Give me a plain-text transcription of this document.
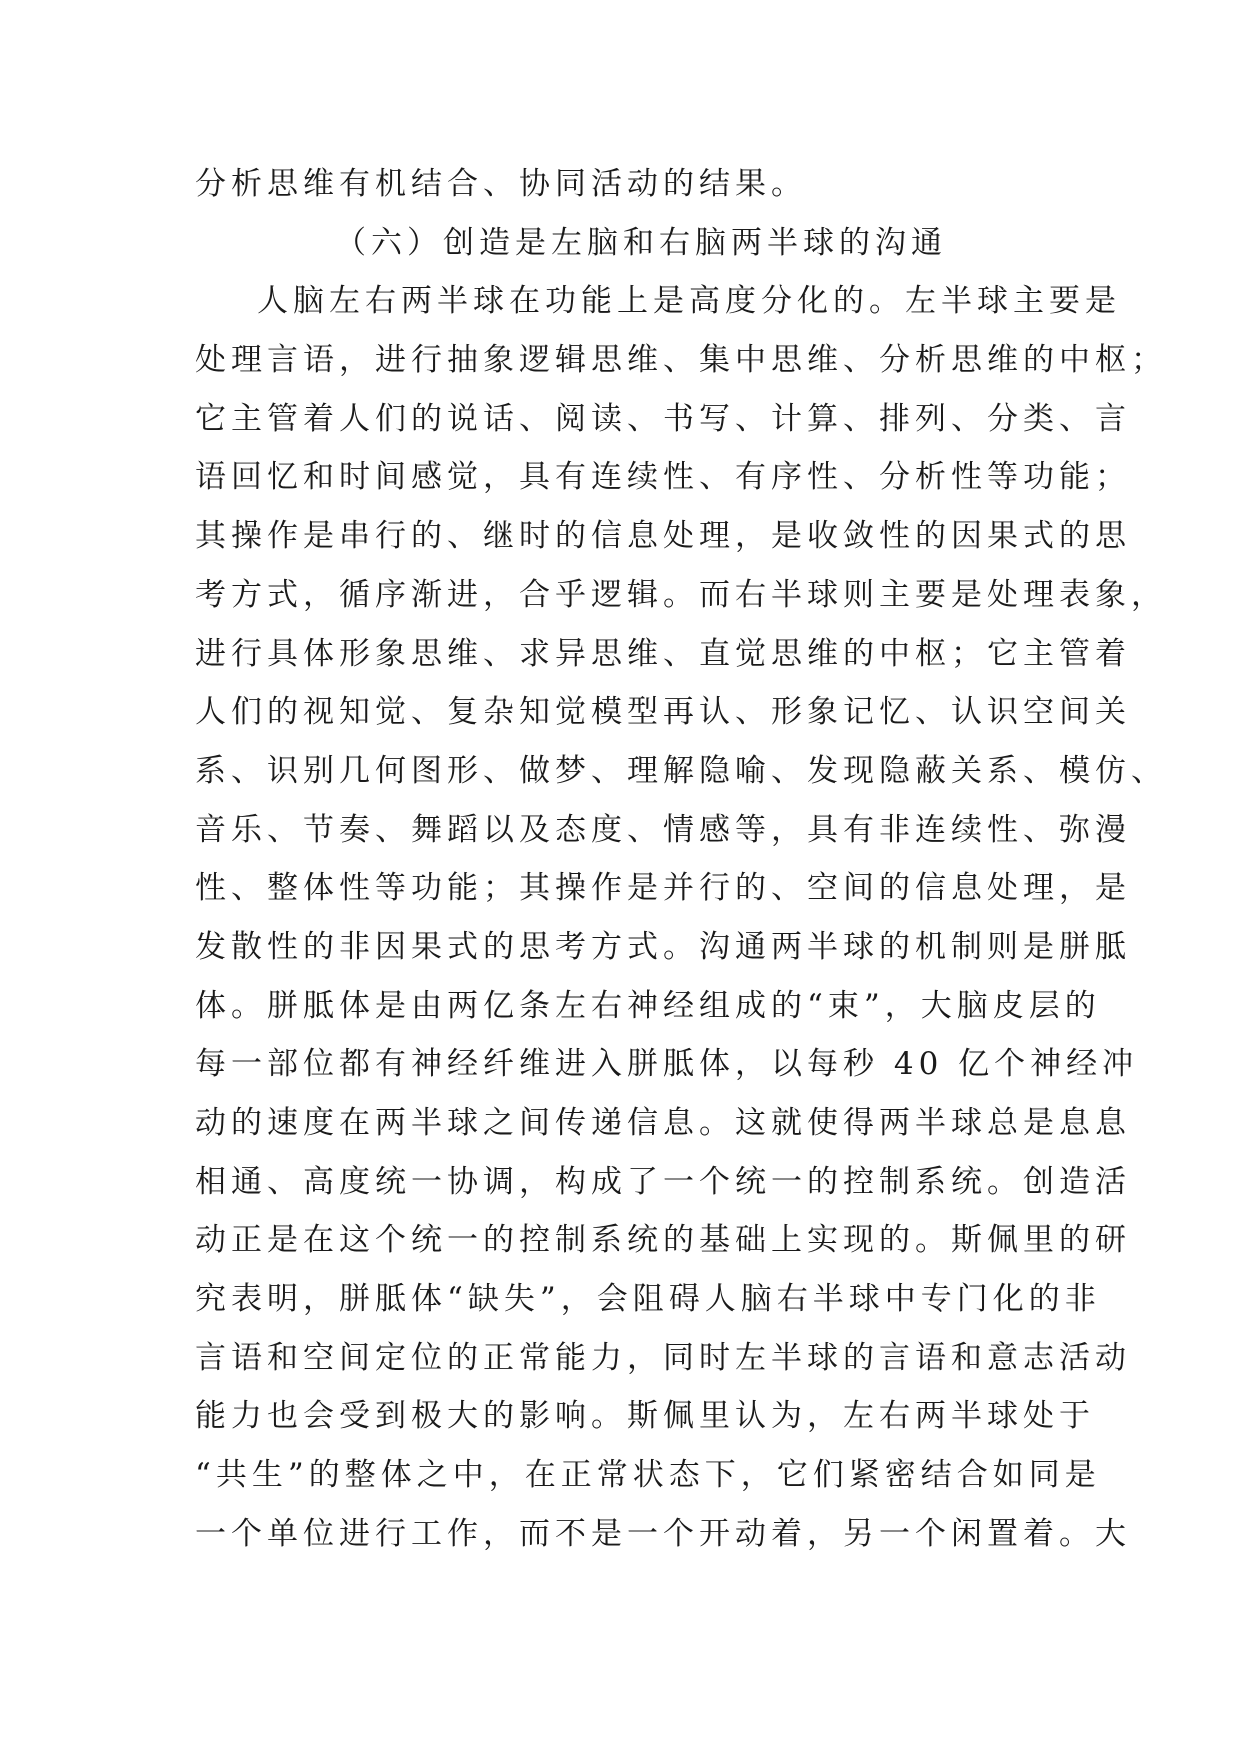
分析思维有机结合、协同活动的结果。
（六）创造是左脑和右脑两半球的沟通
人脑左右两半球在功能上是高度分化的。左半球主要是
处理言语，进行抽象逻辑思维、集中思维、分析思维的中枢；
它主管着人们的说话、阅读、书写、计算、排列、分类、言
语回忆和时间感觉，具有连续性、有序性、分析性等功能；
其操作是串行的、继时的信息处理，是收敛性的因果式的思
考方式，循序渐进，合乎逻辑。而右半球则主要是处理表象，
进行具体形象思维、求异思维、直觉思维的中枢；它主管着
人们的视知觉、复杂知觉模型再认、形象记忆、认识空间关
系、识别几何图形、做梦、理解隐喻、发现隐蔽关系、模仿、
音乐、节奏、舞蹈以及态度、情感等，具有非连续性、弥漫
性、整体性等功能；其操作是并行的、空间的信息处理，是
发散性的非因果式的思考方式。沟通两半球的机制则是胼胝
体。胼胝体是由两亿条左右神经组成的“束”，大脑皮层的
每一部位都有神经纤维进入胼胝体，以每秒 40 亿个神经冲
动的速度在两半球之间传递信息。这就使得两半球总是息息
相通、高度统一协调，构成了一个统一的控制系统。创造活
动正是在这个统一的控制系统的基础上实现的。斯佩里的研
究表明，胼胝体“缺失”，会阻碍人脑右半球中专门化的非
言语和空间定位的正常能力，同时左半球的言语和意志活动
能力也会受到极大的影响。斯佩里认为，左右两半球处于
“共生”的整体之中，在正常状态下，它们紧密结合如同是
一个单位进行工作，而不是一个开动着，另一个闲置着。大
